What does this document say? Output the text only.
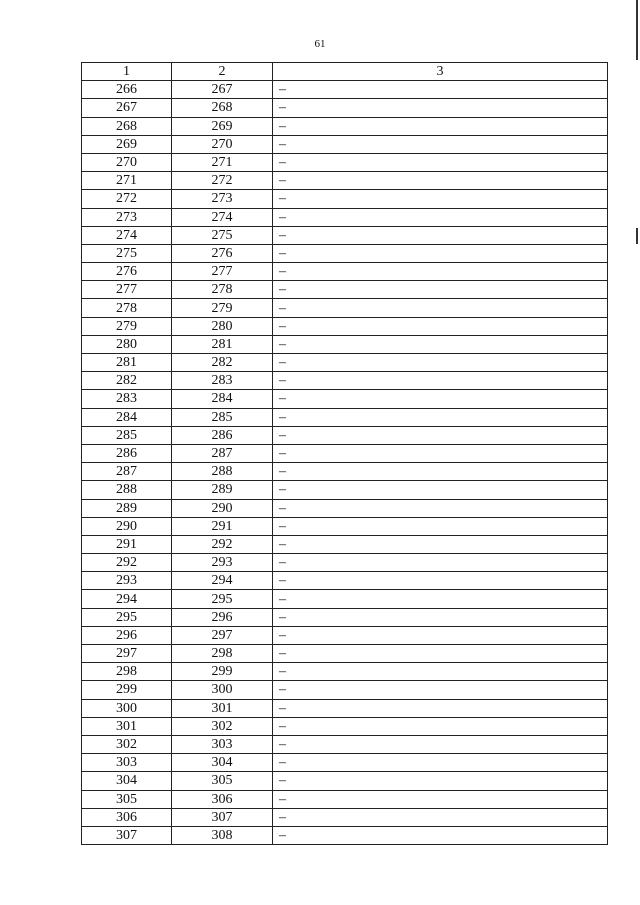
61
1	2	3
266	267	–
267	268	–
268	269	–
269	270	–
270	271	–
271	272	–
272	273	–
273	274	–
274	275	–
275	276	–
276	277	–
277	278	–
278	279	–
279	280	–
280	281	–
281	282	–
282	283	–
283	284	–
284	285	–
285	286	–
286	287	–
287	288	–
288	289	–
289	290	–
290	291	–
291	292	–
292	293	–
293	294	–
294	295	–
295	296	–
296	297	–
297	298	–
298	299	–
299	300	–
300	301	–
301	302	–
302	303	–
303	304	–
304	305	–
305	306	–
306	307	–
307	308	–
